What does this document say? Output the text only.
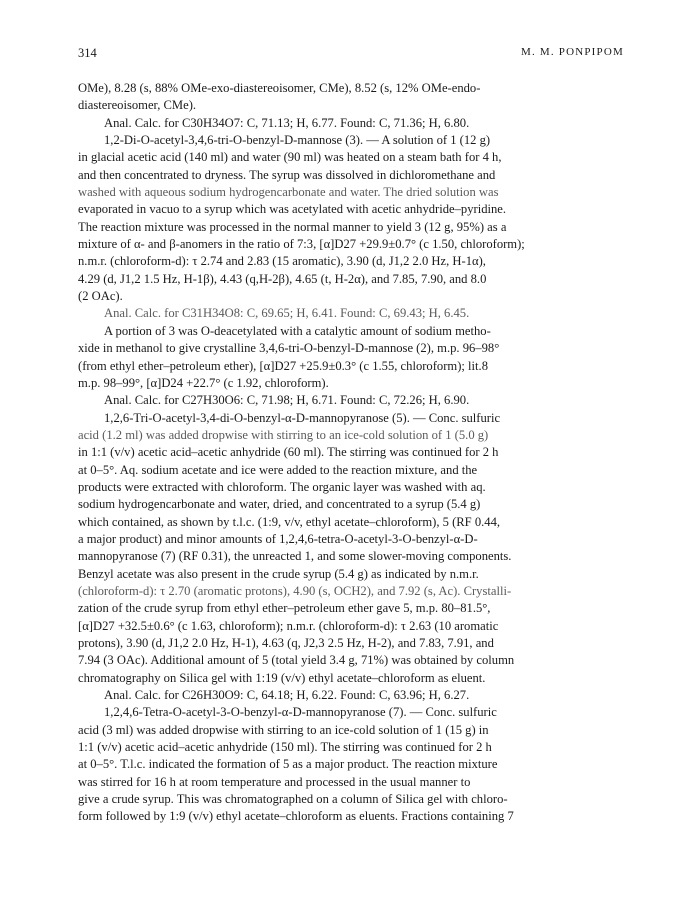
314	M. M. PONPIPOM
OMe), 8.28 (s, 88% OMe-exo-diastereoisomer, CMe), 8.52 (s, 12% OMe-endo-
diastereoisomer, CMe).
Anal. Calc. for C30H34O7: C, 71.13; H, 6.77. Found: C, 71.36; H, 6.80.
1,2-Di-O-acetyl-3,4,6-tri-O-benzyl-D-mannose (3). — A solution of 1 (12 g)
in glacial acetic acid (140 ml) and water (90 ml) was heated on a steam bath for 4 h,
and then concentrated to dryness. The syrup was dissolved in dichloromethane and
washed with aqueous sodium hydrogencarbonate and water. The dried solution was
evaporated in vacuo to a syrup which was acetylated with acetic anhydride–pyridine.
The reaction mixture was processed in the normal manner to yield 3 (12 g, 95%) as a
mixture of α- and β-anomers in the ratio of 7:3, [α]D27 +29.9±0.7° (c 1.50, chloroform);
n.m.r. (chloroform-d): τ 2.74 and 2.83 (15 aromatic), 3.90 (d, J1,2 2.0 Hz, H-1α),
4.29 (d, J1,2 1.5 Hz, H-1β), 4.43 (q,H-2β), 4.65 (t, H-2α), and 7.85, 7.90, and 8.0
(2 OAc).
Anal. Calc. for C31H34O8: C, 69.65; H, 6.41. Found: C, 69.43; H, 6.45.
A portion of 3 was O-deacetylated with a catalytic amount of sodium metho-
xide in methanol to give crystalline 3,4,6-tri-O-benzyl-D-mannose (2), m.p. 96–98°
(from ethyl ether–petroleum ether), [α]D27 +25.9±0.3° (c 1.55, chloroform); lit.8
m.p. 98–99°, [α]D24 +22.7° (c 1.92, chloroform).
Anal. Calc. for C27H30O6: C, 71.98; H, 6.71. Found: C, 72.26; H, 6.90.
1,2,6-Tri-O-acetyl-3,4-di-O-benzyl-α-D-mannopyranose (5). — Conc. sulfuric
acid (1.2 ml) was added dropwise with stirring to an ice-cold solution of 1 (5.0 g)
in 1:1 (v/v) acetic acid–acetic anhydride (60 ml). The stirring was continued for 2 h
at 0–5°. Aq. sodium acetate and ice were added to the reaction mixture, and the
products were extracted with chloroform. The organic layer was washed with aq.
sodium hydrogencarbonate and water, dried, and concentrated to a syrup (5.4 g)
which contained, as shown by t.l.c. (1:9, v/v, ethyl acetate–chloroform), 5 (RF 0.44,
a major product) and minor amounts of 1,2,4,6-tetra-O-acetyl-3-O-benzyl-α-D-
mannopyranose (7) (RF 0.31), the unreacted 1, and some slower-moving components.
Benzyl acetate was also present in the crude syrup (5.4 g) as indicated by n.m.r.
(chloroform-d): τ 2.70 (aromatic protons), 4.90 (s, OCH2), and 7.92 (s, Ac). Crystalli-
zation of the crude syrup from ethyl ether–petroleum ether gave 5, m.p. 80–81.5°,
[α]D27 +32.5±0.6° (c 1.63, chloroform); n.m.r. (chloroform-d): τ 2.63 (10 aromatic
protons), 3.90 (d, J1,2 2.0 Hz, H-1), 4.63 (q, J2,3 2.5 Hz, H-2), and 7.83, 7.91, and
7.94 (3 OAc). Additional amount of 5 (total yield 3.4 g, 71%) was obtained by column
chromatography on Silica gel with 1:19 (v/v) ethyl acetate–chloroform as eluent.
Anal. Calc. for C26H30O9: C, 64.18; H, 6.22. Found: C, 63.96; H, 6.27.
1,2,4,6-Tetra-O-acetyl-3-O-benzyl-α-D-mannopyranose (7). — Conc. sulfuric
acid (3 ml) was added dropwise with stirring to an ice-cold solution of 1 (15 g) in
1:1 (v/v) acetic acid–acetic anhydride (150 ml). The stirring was continued for 2 h
at 0–5°. T.l.c. indicated the formation of 5 as a major product. The reaction mixture
was stirred for 16 h at room temperature and processed in the usual manner to
give a crude syrup. This was chromatographed on a column of Silica gel with chloro-
form followed by 1:9 (v/v) ethyl acetate–chloroform as eluents. Fractions containing 7
